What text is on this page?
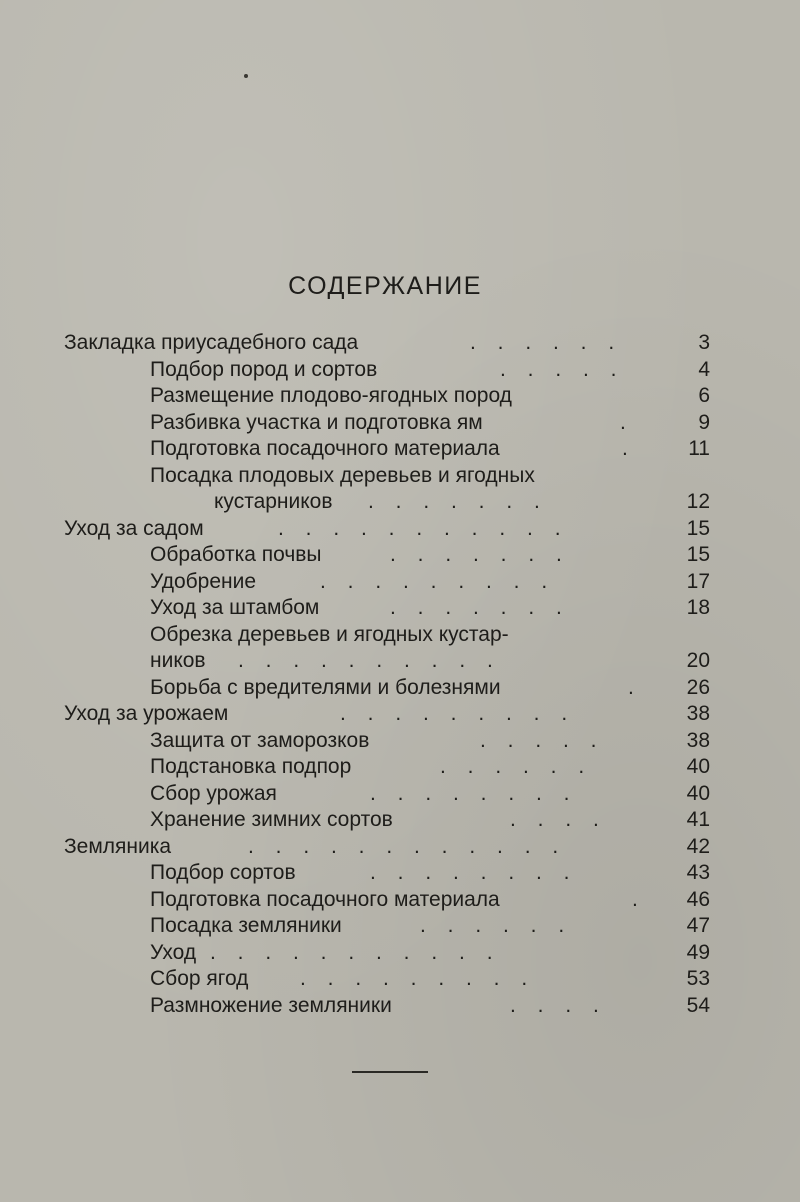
СОДЕРЖАНИЕ
Закладка приусадебного сада	. . . . . .	3
Подбор пород и сортов	. . . . .	4
Размещение плодово-ягодных пород	6
Разбивка участка и подготовка ям	.	9
Подготовка посадочного материала	.	11
Посадка плодовых деревьев и ягодных
кустарников . . . . . . .	12
Уход за садом	. . . . . . . . . . .	15
Обработка почвы	. . . . . . .	15
Удобрение	. . . . . . . . .	17
Уход за штамбом	. . . . . . .	18
Обрезка деревьев и ягодных кустар-
ников . . . . . . . . . .	20
Борьба с вредителями и болезнями	.	26
Уход за урожаем	. . . . . . . . .	38
Защита от заморозков	. . . . .	38
Подстановка подпор	. . . . . .	40
Сбор урожая	. . . . . . . .	40
Хранение зимних сортов	. . . .	41
Земляника	. . . . . . . . . . . .	42
Подбор сортов	. . . . . . . .	43
Подготовка посадочного материала	.	46
Посадка земляники	. . . . . .	47
Уход . . . . . . . . . . .	49
Сбор ягод . . . . . . . . .	53
Размножение земляники	. . . .	54
